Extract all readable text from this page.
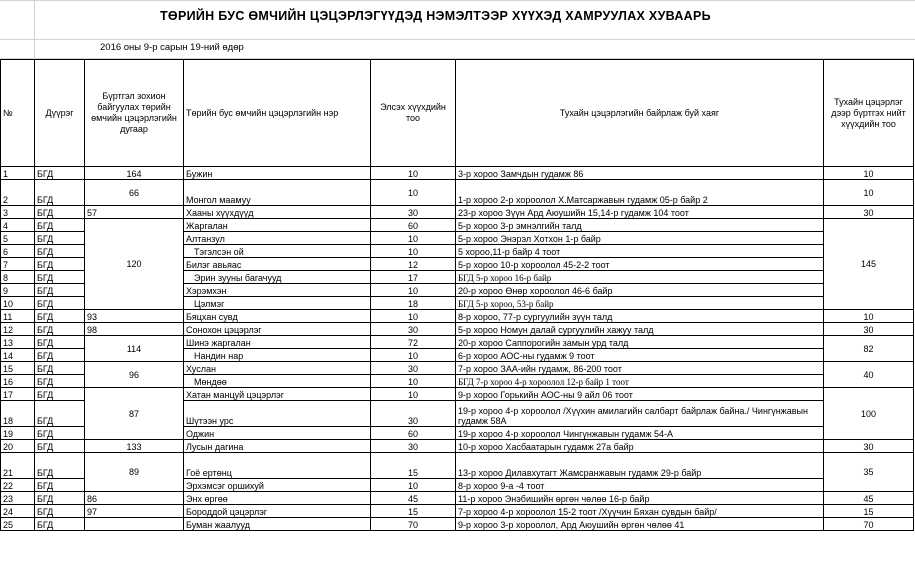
ТӨРИЙН БУС ӨМЧИЙН ЦЭЦЭРЛЭГҮҮДЭД НЭМЭЛТЭЭР ХҮҮХЭД ХАМРУУЛАХ ХУВААРЬ
2016 оны 9-р сарын 19-ний өдөр
№	Дүүрэг	Бүртгэл зохион байгуулах төрийн өмчийн цэцэрлэгийн дугаар	Төрийн бус өмчийн цэцэрлэгийн нэр	Элсэх хүүхдийн тоо	Тухайн цэцэрлэгийн байрлаж буй хаяг	Тухайн цэцэрлэг дээр бүртгэх нийт хүүхдийн тоо
1	БГД	164	Бужин	10	3-р хороо Замчдын гудамж 86	10
2	БГД	66	Монгол маамуу	10	1-р хороо 2-р хороолол Х.Матсаржавын гудамж 05-р байр 2	10
3	БГД	57	Хааны хүүхдүүд	30	23-р хороо Зүүн Ард Аюушийн 15,14-р гудамж 104 тоот	30
4	БГД	120	Жаргалан	60	5-р хороо 3-р эмнэлгийн талд	145
5	БГД		Алтанзул	10	5-р хороо Энэрэл Хотхон 1-р байр	
6	БГД		Тэгэлсэн ой	10	5 хороо,11-р байр 4 тоот	
7	БГД		Билэг авьяас	12	5-р хороо 10-р хороолол 45-2-2 тоот	
8	БГД		Эрин зууны багачууд	17	БГД 5-р хороо 16-р байр	
9	БГД		Хэрэмхэн	10	20-р хороо Өнөр хороолол 46-6 байр	
10	БГД		Цэлмэг	18	БГД 5-р хороо, 53-р байр	
11	БГД	93	Бяцхан сувд	10	8-р хороо, 77-р сургуулийн зүүн талд	10
12	БГД	98	Сонохон цэцэрлэг	30	5-р хороо Номун далай сургуулийн хажуу талд	30
13	БГД	114	Шинэ жаргалан	72	20-р хороо Саппорогийн замын урд талд	82
14	БГД		Нандин нар	10	6-р хороо АОС-ны гудамж 9 тоот	
15	БГД	96	Хуслан	30	7-р хороо ЗАА-ийн гудамж, 86-200 тоот	40
16	БГД		Мөндөө	10	БГД 7-р хороо 4-р хороолол 12-р байр 1 тоот	
17	БГД	87	Хатан манцуй цэцэрлэг	10	9-р хороо Горькийн АОС-ны 9 айл 06 тоот	100
18	БГД		Шүтээн урс	30	19-р хороо 4-р хороолол /Хүүхин амилагийн салбарт байрлаж байна./ Чингүнжавын гудамж 58А	
19	БГД		Оджин	60	19-р хороо 4-р хороолол Чингүнжавын гудамж 54-А	
20	БГД	133	Лусын дагина	30	10-р хороо Хасбаатарын гудамж 27а байр	30
21	БГД	89	Гоё ертөнц	15	13-р хороо Дилавхутагт Жамсранжавын гудамж 29-р байр	35
22	БГД		Эрхэмсэг оршихуй	10	8-р хороо 9-а -4 тоот	
23	БГД	86	Энх өргөө	45	11-р хороо Энэбишийн өргөн чөлөө 16-р байр	45
24	БГД	97	Бороддой цэцэрлэг	15	7-р хороо 4-р хороолол 15-2 тоот /Хүүчин Бяхан сувдын байр/	15
25	БГД		Буман жаалууд	70	9-р хороо 3-р хороолол, Ард Аюушийн өргөн чөлөө 41	70
